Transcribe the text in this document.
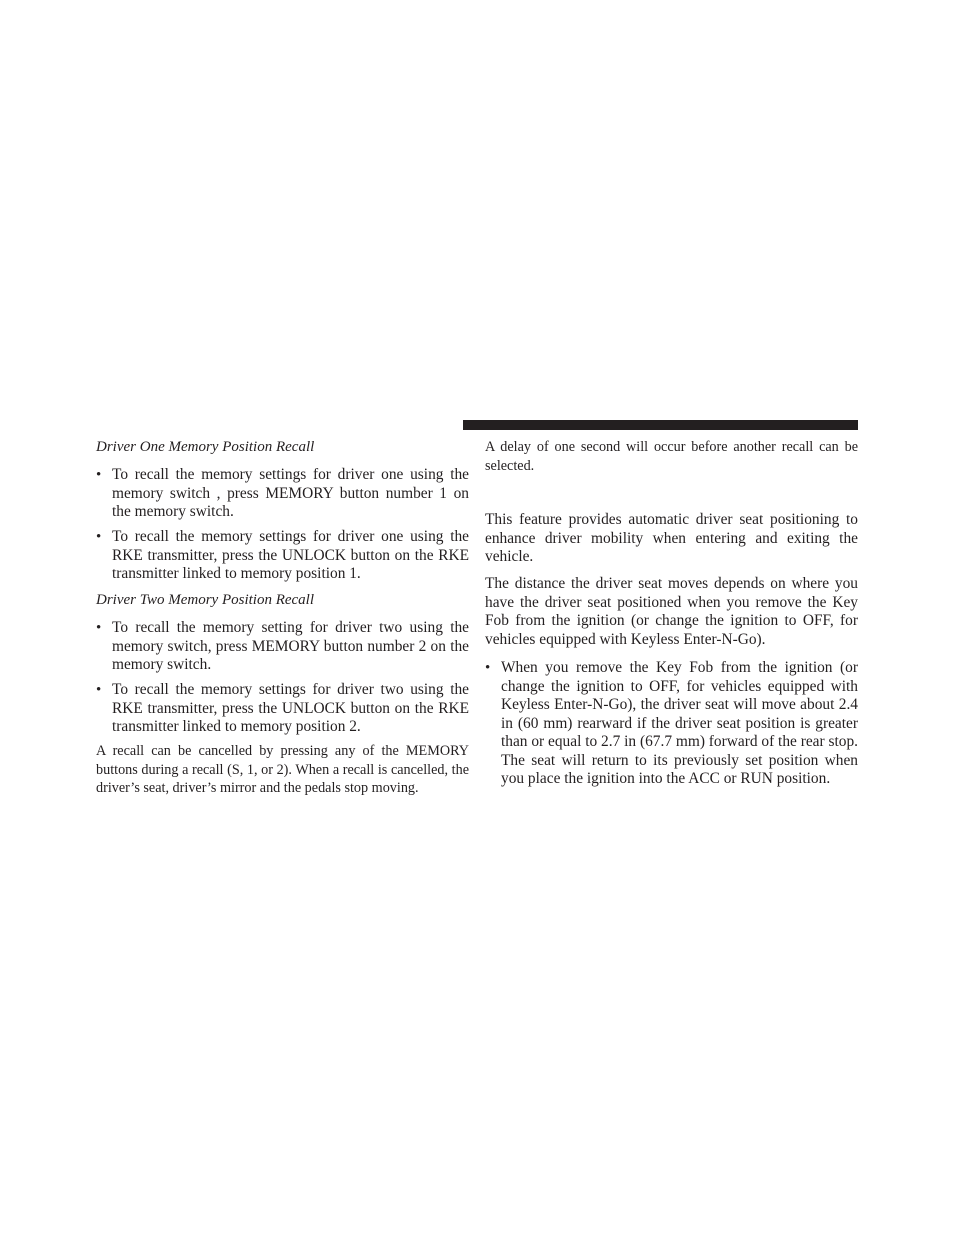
Driver One Memory Position Recall

• To recall the memory settings for driver one using the memory switch , press MEMORY button number 1 on the memory switch.
• To recall the memory settings for driver one using the RKE transmitter, press the UNLOCK button on the RKE transmitter linked to memory position 1.

Driver Two Memory Position Recall

• To recall the memory setting for driver two using the memory switch, press MEMORY button number 2 on the memory switch.
• To recall the memory settings for driver two using the RKE transmitter, press the UNLOCK button on the RKE transmitter linked to memory position 2.

A recall can be cancelled by pressing any of the MEMORY buttons during a recall (S, 1, or 2). When a recall is cancelled, the driver’s seat, driver’s mirror and the pedals stop moving.

A delay of one second will occur before another recall can be selected.

This feature provides automatic driver seat positioning to enhance driver mobility when entering and exiting the vehicle.

The distance the driver seat moves depends on where you have the driver seat positioned when you remove the Key Fob from the ignition (or change the ignition to OFF, for vehicles equipped with Keyless Enter-N-Go).

• When you remove the Key Fob from the ignition (or change the ignition to OFF, for vehicles equipped with Keyless Enter-N-Go), the driver seat will move about 2.4 in (60 mm) rearward if the driver seat position is greater than or equal to 2.7 in (67.7 mm) forward of the rear stop. The seat will return to its previously set position when you place the ignition into the ACC or RUN position.
